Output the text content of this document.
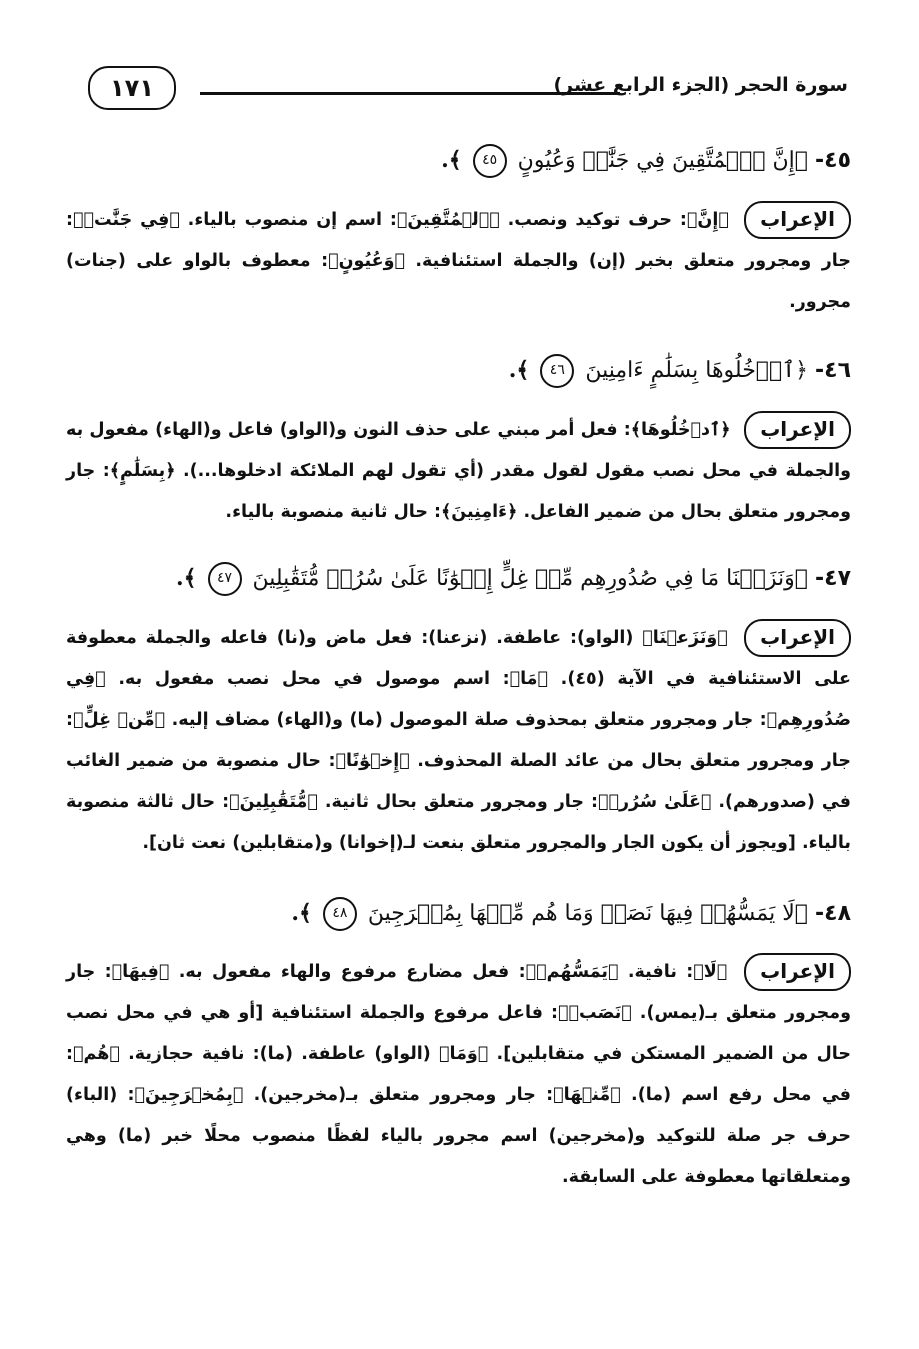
١٧١	سورة الحجر (الجزء الرابع عشر)
٤٥- ﴿إِنَّ ٱلۡمُتَّقِينَ فِي جَنَّٰتٖ وَعُيُونٍ ٤٥ ﴾.
الإعراب ﴿إِنَّ﴾: حرف توكيد ونصب. ﴿ٱلۡمُتَّقِينَ﴾: اسم إن منصوب بالياء. ﴿فِي جَنَّٰتٖ﴾: جار ومجرور متعلق بخبر (إن) والجملة استئنافية. ﴿وَعُيُونٍ﴾: معطوف بالواو على (جنات) مجرور.
٤٦- ﴿ٱدۡخُلُوهَا بِسَلَٰمٍ ءَامِنِينَ ٤٦ ﴾.
الإعراب ﴿ٱدۡخُلُوهَا﴾: فعل أمر مبني على حذف النون و(الواو) فاعل و(الهاء) مفعول به والجملة في محل نصب مقول لقول مقدر (أي تقول لهم الملائكة ادخلوها...). ﴿بِسَلَٰمٍ﴾: جار ومجرور متعلق بحال من ضمير الفاعل. ﴿ءَامِنِينَ﴾: حال ثانية منصوبة بالياء.
٤٧- ﴿وَنَزَعۡنَا مَا فِي صُدُورِهِم مِّنۡ غِلٍّ إِخۡوَٰنًا عَلَىٰ سُرُرٖ مُّتَقَٰبِلِينَ ٤٧ ﴾.
الإعراب ﴿وَنَزَعۡنَا﴾ (الواو): عاطفة. (نزعنا): فعل ماض و(نا) فاعله والجملة معطوفة على الاستئنافية في الآية (٤٥). ﴿مَا﴾: اسم موصول في محل نصب مفعول به. ﴿فِي صُدُورِهِم﴾: جار ومجرور متعلق بمحذوف صلة الموصول (ما) و(الهاء) مضاف إليه. ﴿مِّنۡ غِلٍّ﴾: جار ومجرور متعلق بحال من عائد الصلة المحذوف. ﴿إِخۡوَٰنًا﴾: حال منصوبة من ضمير الغائب في (صدورهم). ﴿عَلَىٰ سُرُرٖ﴾: جار ومجرور متعلق بحال ثانية. ﴿مُّتَقَٰبِلِينَ﴾: حال ثالثة منصوبة بالياء. [ويجوز أن يكون الجار والمجرور متعلق بنعت لـ(إخوانا) و(متقابلين) نعت ثان].
٤٨- ﴿لَا يَمَسُّهُمۡ فِيهَا نَصَبٞ وَمَا هُم مِّنۡهَا بِمُخۡرَجِينَ ٤٨ ﴾.
الإعراب ﴿لَا﴾: نافية. ﴿يَمَسُّهُمۡ﴾: فعل مضارع مرفوع والهاء مفعول به. ﴿فِيهَا﴾: جار ومجرور متعلق بـ(يمس). ﴿نَصَبٞ﴾: فاعل مرفوع والجملة استئنافية [أو هي في محل نصب حال من الضمير المستكن في متقابلين]. ﴿وَمَا﴾ (الواو) عاطفة. (ما): نافية حجازية. ﴿هُم﴾: في محل رفع اسم (ما). ﴿مِّنۡهَا﴾: جار ومجرور متعلق بـ(مخرجين). ﴿بِمُخۡرَجِينَ﴾: (الباء) حرف جر صلة للتوكيد و(مخرجين) اسم مجرور بالياء لفظًا منصوب محلًا خبر (ما) وهي ومتعلقاتها معطوفة على السابقة.
